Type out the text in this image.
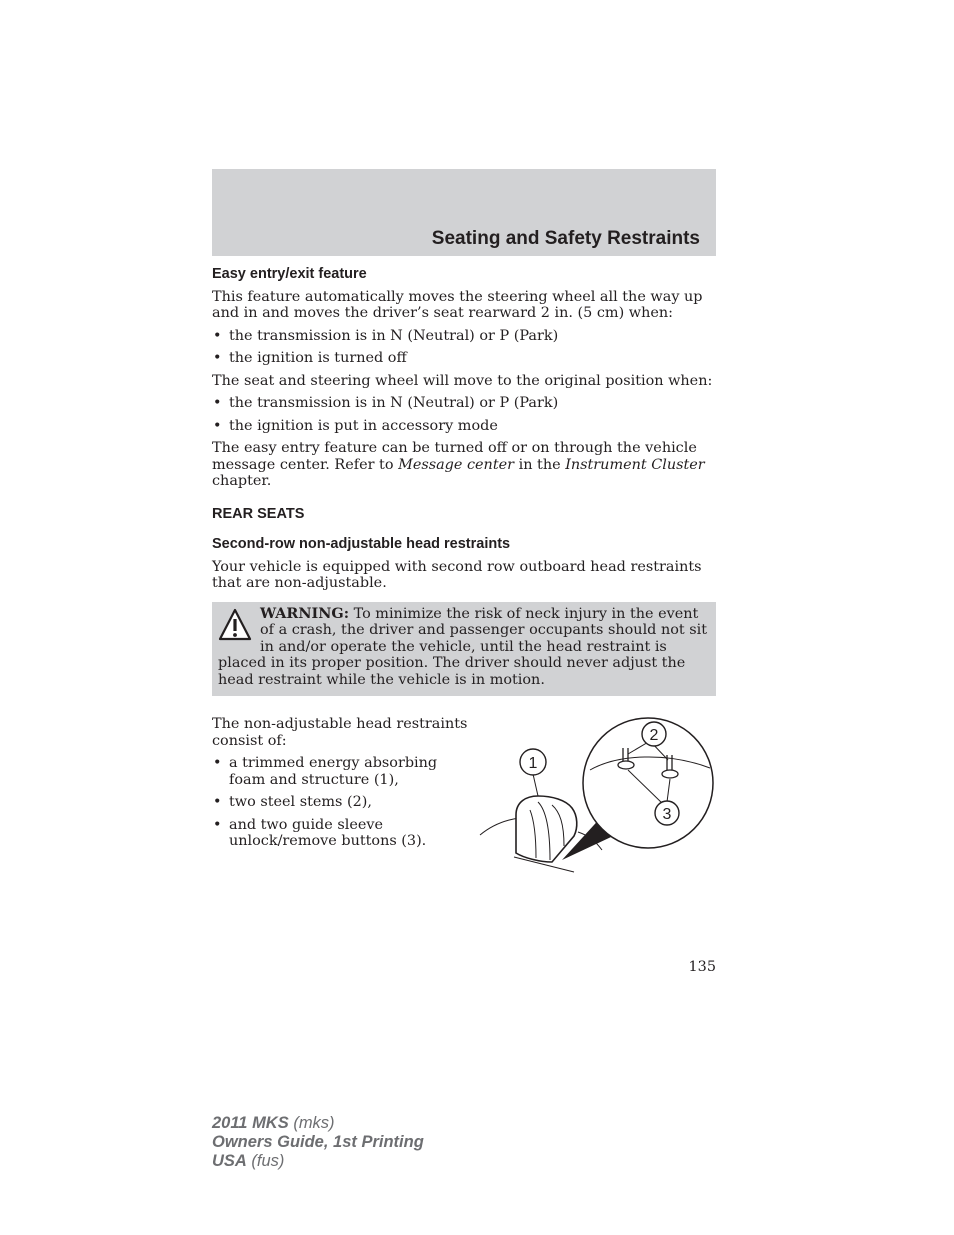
Seating and Safety Restraints
Easy entry/exit feature

This feature automatically moves the steering wheel all the way up and in and moves the driver’s seat rearward 2 in. (5 cm) when:

• the transmission is in N (Neutral) or P (Park)
• the ignition is turned off

The seat and steering wheel will move to the original position when:

• the transmission is in N (Neutral) or P (Park)
• the ignition is put in accessory mode

The easy entry feature can be turned off or on through the vehicle message center. Refer to Message center in the Instrument Cluster chapter.

REAR SEATS
Second-row non-adjustable head restraints

Your vehicle is equipped with second row outboard head restraints that are non-adjustable.

WARNING: To minimize the risk of neck injury in the event of a crash, the driver and passenger occupants should not sit in and/or operate the vehicle, until the head restraint is placed in its proper position. The driver should never adjust the head restraint while the vehicle is in motion.

The non-adjustable head restraints consist of:

• a trimmed energy absorbing foam and structure (1),
• two steel stems (2),
• and two guide sleeve unlock/remove buttons (3).
1
2
3
135
2011 MKS (mks)
Owners Guide, 1st Printing
USA (fus)
